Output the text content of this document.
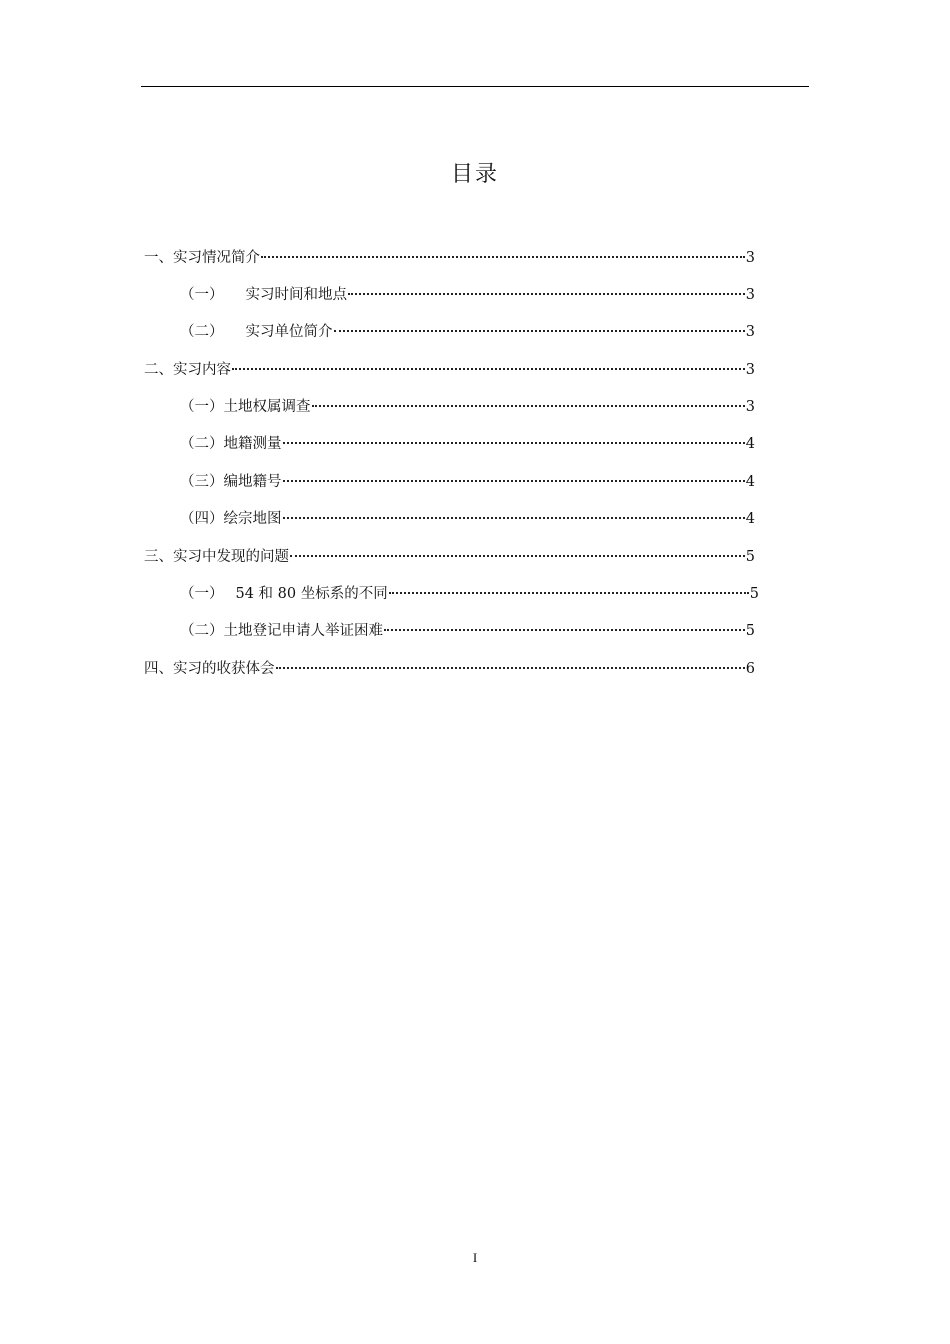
目录
一、 实习情况简介	3
（一） 实习时间和地点	3
（二） 实习单位简介	3
二、 实习内容	3
（一） 土地权属调查	3
（二） 地籍测量	4
（三） 编地籍号	4
（四） 绘宗地图	4
三、 实习中发现的问题	5
（一） 54 和 80 坐标系的不同	5
（二） 土地登记申请人举证困难	5
四、 实习的收获体会	6
I
